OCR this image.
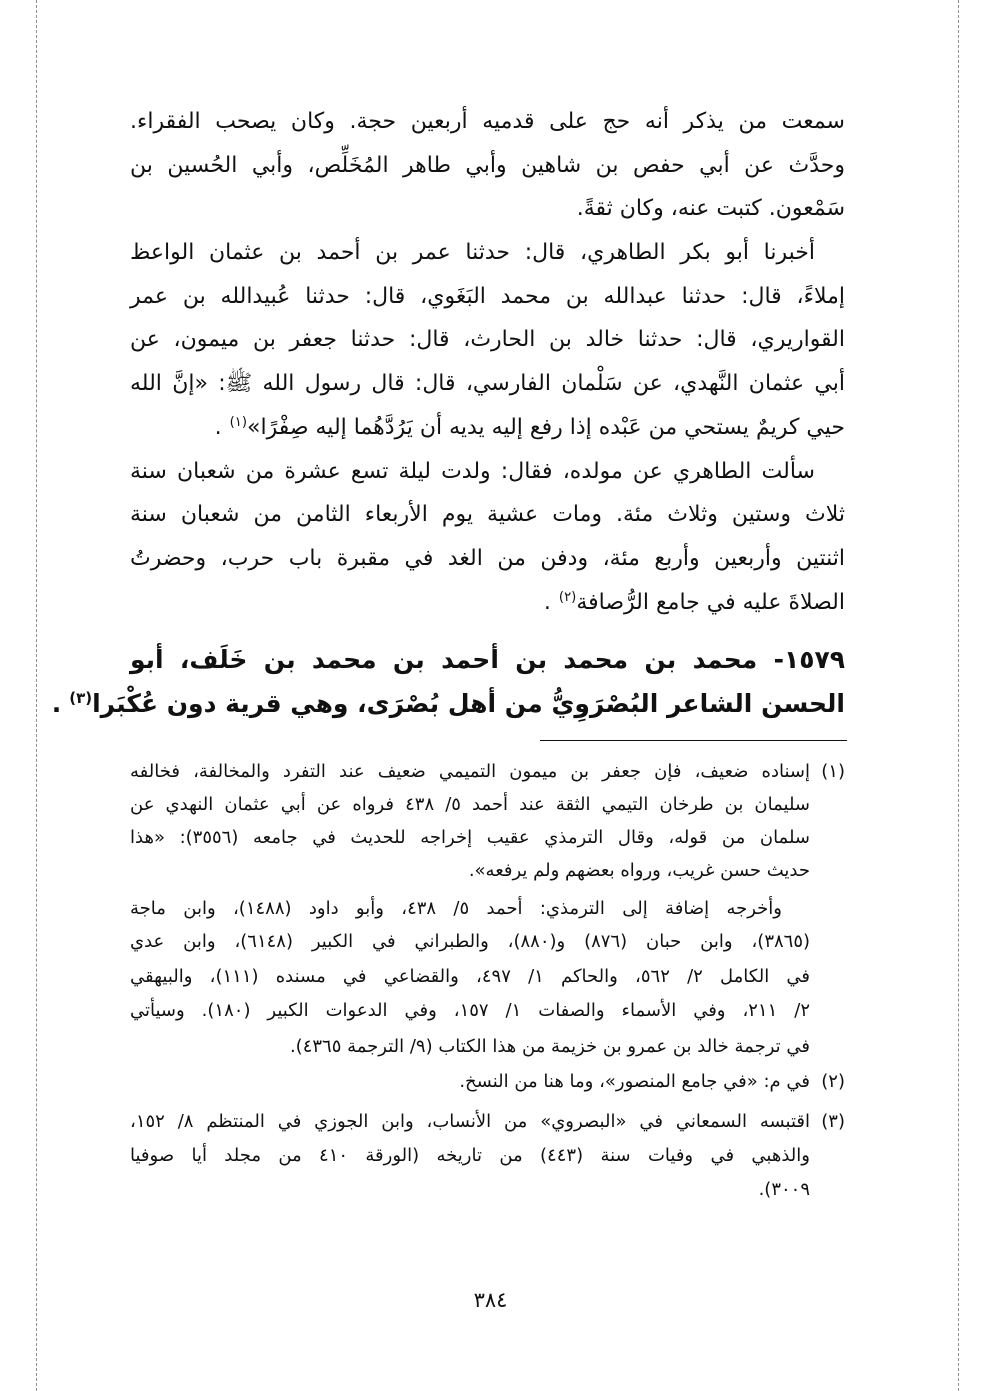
سمعت من يذكر أنه حج على قدميه أربعين حجة. وكان يصحب الفقراء.
وحدَّث عن أبي حفص بن شاهين وأبي طاهر المُخَلِّص، وأبي الحُسين بن
سَمْعون. كتبت عنه، وكان ثقةً.
أخبرنا أبو بكر الطاهري، قال: حدثنا عمر بن أحمد بن عثمان الواعظ
إملاءً، قال: حدثنا عبدالله بن محمد البَغَوي، قال: حدثنا عُبيدالله بن عمر
القواريري، قال: حدثنا خالد بن الحارث، قال: حدثنا جعفر بن ميمون، عن
أبي عثمان النَّهدي، عن سَلْمان الفارسي، قال: قال رسول الله ﷺ: «إنَّ الله
حيي كريمٌ يستحي من عَبْده إذا رفع إليه يديه أن يَرُدَّهُما إليه صِفْرًا»$^{(١)}$.
سألت الطاهري عن مولده، فقال: ولدت ليلة تسع عشرة من شعبان سنة
ثلاث وستين وثلاث مئة. ومات عشية يوم الأربعاء الثامن من شعبان سنة
اثنتين وأربعين وأربع مئة، ودفن من الغد في مقبرة باب حرب، وحضرتُ
الصلاةَ عليه في جامع الرُّصافة$^{(٢)}$.
١٥٧٩- محمد بن محمد بن أحمد بن محمد بن خَلَف، أبو
الحسن الشاعر البُصْرَوِيُّ من أهل بُصْرَى، وهي قرية دون عُكْبَرا$^{(٣)}$.
(١)
إسناده ضعيف، فإن جعفر بن ميمون التميمي ضعيف عند التفرد والمخالفة، فخالفه
سليمان بن طرخان التيمي الثقة عند أحمد ٥/ ٤٣٨ فرواه عن أبي عثمان النهدي عن
سلمان من قوله، وقال الترمذي عقيب إخراجه للحديث في جامعه (٣٥٥٦): «هذا
حديث حسن غريب، ورواه بعضهم ولم يرفعه».
وأخرجه إضافة إلى الترمذي: أحمد ٥/ ٤٣٨، وأبو داود (١٤٨٨)، وابن ماجة
(٣٨٦٥)، وابن حبان (٨٧٦) و(٨٨٠)، والطبراني في الكبير (٦١٤٨)، وابن عدي
في الكامل ٢/ ٥٦٢، والحاكم ١/ ٤٩٧، والقضاعي في مسنده (١١١)، والبيهقي
٢/ ٢١١، وفي الأسماء والصفات ١/ ١٥٧، وفي الدعوات الكبير (١٨٠). وسيأتي
في ترجمة خالد بن عمرو بن خزيمة من هذا الكتاب (٩/ الترجمة ٤٣٦٥).
(٢)
في م: «في جامع المنصور»، وما هنا من النسخ.
(٣)
اقتبسه السمعاني في «البصروي» من الأنساب، وابن الجوزي في المنتظم ٨/ ١٥٢،
والذهبي في وفيات سنة (٤٤٣) من تاريخه (الورقة ٤١٠ من مجلد أيا صوفيا
٣٠٠٩).
٣٨٤
